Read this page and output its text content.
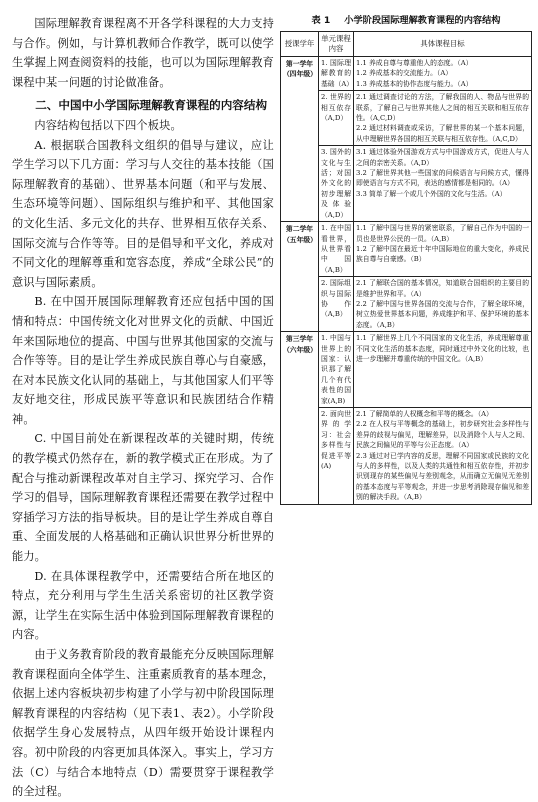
国际理解教育课程离不开各学科课程的大力支持与合作。例如，与计算机教师合作教学，既可以使学生掌握上网查阅资料的技能，也可以为国际理解教育课程中某一问题的讨论做准备。

二、中国中小学国际理解教育课程的内容结构

内容结构包括以下四个板块。

A. 根据联合国教科文组织的倡导与建议，应让学生学习以下几方面：学习与人交往的基本技能（国际理解教育的基础）、世界基本问题（和平与发展、生态环境等问题）、国际组织与维护和平、其他国家的文化生活、多元文化的共存、世界相互依存关系、国际交流与合作等等。目的是倡导和平文化，养成对不同文化的理解尊重和宽容态度，养成“全球公民”的意识与国际素质。

B. 在中国开展国际理解教育还应包括中国的国情和特点：中国传统文化对世界文化的贡献、中国近年来国际地位的提高、中国与世界其他国家的交流与合作等等。目的是让学生养成民族自尊心与自豪感，在对本民族文化认同的基础上，与其他国家人们平等友好地交往，形成民族平等意识和民族团结合作精神。

C. 中国目前处在新课程改革的关键时期，传统的教学模式仍然存在，新的教学模式正在形成。为了配合与推动新课程改革对自主学习、探究学习、合作学习的倡导，国际理解教育课程还需要在教学过程中穿插学习方法的指导板块。目的是让学生养成自尊自重、全面发展的人格基础和正确认识世界分析世界的能力。

D. 在具体课程教学中，还需要结合所在地区的特点，充分利用与学生生活关系密切的社区教学资源，让学生在实际生活中体验到国际理解教育课程的内容。

由于义务教育阶段的教育最能充分反映国际理解教育课程面向全体学生、注重素质教育的基本理念，依据上述内容板块初步构建了小学与初中阶段国际理解教育课程的内容结构（见下表1、表2）。小学阶段依据学生身心发展特点，从四年级开始设计课程内容。初中阶段的内容更加具体深入。事实上，学习方法（C）与结合本地特点（D）需要贯穿于课程教学的全过程。

表 1 小学阶段国际理解教育课程的内容结构
授课学年	单元课程内容	具体课程目标
第一学年（四年级）	1. 国际理解教育的基础（A）	1.1 养成自尊与尊重他人的态度。（A）
1.2 养成基本的交流能力。（A）
1.3 养成基本的协作态度与能力。（A）

	2. 世界的相互依存（A,D）	2.1 通过调查讨论的方法，了解我国的人、物品与世界的联系，了解自己与世界其他人之间的相互关联和相互依存性。（A,C,D）
2.2 通过材料调查或采访，了解世界的某一个基本问题，从中理解世界各国的相互关联与相互依存性。（A,C,D）

	3. 国外的文化与生活；对国外文化的初步理解及体验（A,D）	3.1 通过体验外国游戏方式与中国游戏方式，促进人与人之间的亲密关系。（A,D）
3.2 了解世界其他一些国家的问候语言与问候方式，懂得即使语言与方式不同，表达的感情都是相同的。（A）
3.3 简单了解一个或几个外国的文化与生活。（A）

第二学年（五年级）	1. 在中国看世界，从世界看中国（A,B）	1.1 了解中国与世界的紧密联系，了解自己作为中国的一员也是世界公民的一员。（A,B）
1.2 了解中国在最近十年中国际地位的重大变化，养成民族自尊与自豪感。（B）

	2. 国际组织与国际协作（A,B）	2.1 了解联合国的基本情况，知道联合国组织的主要目的是维护世界和平。（A）
2.2 了解中国与世界各国的交流与合作，了解全球环境，树立热爱世界基本问题，养成维护和平、保护环境的基本态度。（A,B）

第三学年（六年级）	1. 中国与世界上的国家：认识那了解几个有代表性的国家(A,B)	1.1 了解世界上几个不同国家的文化生活，养成理解尊重不同文化生活的基本态度，同时通过中外文化的比较，也进一步理解并尊重传统的中国文化。（A,B）

	2. 面向世界的学习：社会多样性与促进平等(A)	2.1 了解简单的人权概念和平等的概念。（A）
2.2 在人权与平等概念的基础上，初步研究社会多样性与差异的歧视与偏见，理解差异，以及消除个人与人之间、民族之间偏见的平等与公正态度。（A）
2.3 通过对已学内容的反思，理解不同国家或民族的文化与人的多样性，以及人类的共通性和相互依存性，并初步识别现存的某些偏见与差别观念，从而确立无偏见无差别的基本态度与平等观念，并进一步思考消除现存偏见和差别的解决手段。（A,B）
